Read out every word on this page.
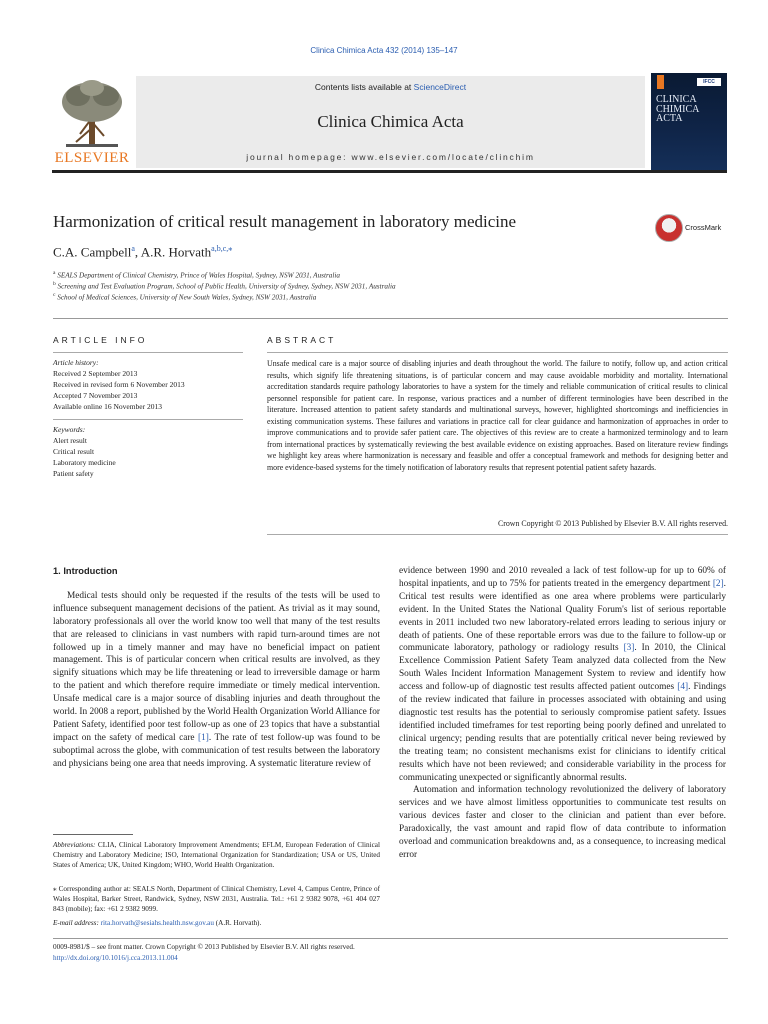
Clinica Chimica Acta 432 (2014) 135–147
ELSEVIER
Contents lists available at ScienceDirect
Clinica Chimica Acta
journal homepage: www.elsevier.com/locate/clinchim
IFCC
CLINICA
CHIMICA
ACTA
Harmonization of critical result management in laboratory medicine	CrossMark
C.A. Campbell$^a$, A.R. Horvath$^{a,b,c,⁎}$
$^a$ SEALS Department of Clinical Chemistry, Prince of Wales Hospital, Sydney, NSW 2031, Australia
$^b$ Screening and Test Evaluation Program, School of Public Health, University of Sydney, Sydney, NSW 2031, Australia
$^c$ School of Medical Sciences, University of New South Wales, Sydney, NSW 2031, Australia
ARTICLE INFO	ABSTRACT
Article history:
Received 2 September 2013
Received in revised form 6 November 2013
Accepted 7 November 2013
Available online 16 November 2013
Keywords:
Alert result
Critical result
Laboratory medicine
Patient safety
Unsafe medical care is a major source of disabling injuries and death throughout the world. The failure to notify, follow up, and action critical results, which signify life threatening situations, is of particular concern and may cause avoidable morbidity and mortality. International accreditation standards require pathology laboratories to have a system for the timely and reliable communication of critical results to clinical personnel responsible for patient care. In response, various practices and a number of different terminologies have been described in the literature. Increased attention to patient safety standards and multinational surveys, however, highlighted shortcomings and inefficiencies in existing communication systems. These failures and variations in practice call for clear guidance and harmonization of approaches in order to improve communications and to provide safer patient care. The objectives of this review are to create a harmonized terminology and to learn from international practices by systematically reviewing the best available evidence on existing approaches. Based on literature review findings we highlight key areas where harmonization is necessary and feasible and offer a conceptual framework and methods for designing better and more evidence-based systems for the timely notification of laboratory results that represent potential patient safety hazards.
Crown Copyright © 2013 Published by Elsevier B.V. All rights reserved.
1. Introduction

Medical tests should only be requested if the results of the tests will be used to influence subsequent management decisions of the patient. As trivial as it may sound, laboratory professionals all over the world know too well that many of the test results that are released to clinicians in vast numbers with rapid turn-around times are not followed up in a timely manner and may have no beneficial impact on patient management. This is of particular concern when critical results are involved, as they signify situations which may be life threatening or lead to irreversible damage or harm to the patient and which therefore require immediate or timely medical intervention. Unsafe medical care is a major source of disabling injuries and death throughout the world. In 2008 a report, published by the World Health Organization World Alliance for Patient Safety, identified poor test follow-up as one of 23 topics that have a substantial impact on the safety of medical care [1]. The rate of test follow-up was found to be suboptimal across the globe, with communication of test results between the laboratory and physicians being one area that needs improving. A systematic literature review of

evidence between 1990 and 2010 revealed a lack of test follow-up for up to 60% of hospital inpatients, and up to 75% for patients treated in the emergency department [2]. Critical test results were identified as one area where problems were particularly evident. In the United States the National Quality Forum's list of serious reportable events in 2011 included two new laboratory-related errors leading to serious injury or death of patients. One of these reportable errors was due to the failure to follow-up or communicate laboratory, pathology or radiology results [3]. In 2010, the Clinical Excellence Commission Patient Safety Team analyzed data collected from the New South Wales Incident Information Management System to review and identify how access and follow-up of diagnostic test results affected patient outcomes [4]. Findings of the review indicated that failure in processes associated with obtaining and using diagnostic test results has the potential to seriously compromise patient safety. Issues identified included timeframes for test reporting being poorly defined and unrelated to clinical urgency; pending results that are potentially critical never being reviewed by the treating team; no consistent mechanisms exist for clinicians to identify critical results which have not been reviewed; and considerable variability in the process for communicating unexpected or significantly abnormal results.

Automation and information technology revolutionized the delivery of laboratory services and we have almost limitless opportunities to communicate test results on various devices faster and closer to the clinician and patient than ever before. Paradoxically, the vast amount and rapid flow of data contribute to information overload and communication breakdowns and, as a consequence, to increasing medical error

Abbreviations: CLIA, Clinical Laboratory Improvement Amendments; EFLM, European Federation of Clinical Chemistry and Laboratory Medicine; ISO, International Organization for Standardization; USA or US, United States of America; UK, United Kingdom; WHO, World Health Organization.
⁎ Corresponding author at: SEALS North, Department of Clinical Chemistry, Level 4, Campus Centre, Prince of Wales Hospital, Barker Street, Randwick, Sydney, NSW 2031, Australia. Tel.: +61 2 9382 9078, +61 404 027 843 (mobile); fax: +61 2 9382 9099.
E-mail address: rita.horvath@sesiahs.health.nsw.gov.au (A.R. Horvath).
0009-8981/$ – see front matter. Crown Copyright © 2013 Published by Elsevier B.V. All rights reserved.
http://dx.doi.org/10.1016/j.cca.2013.11.004
